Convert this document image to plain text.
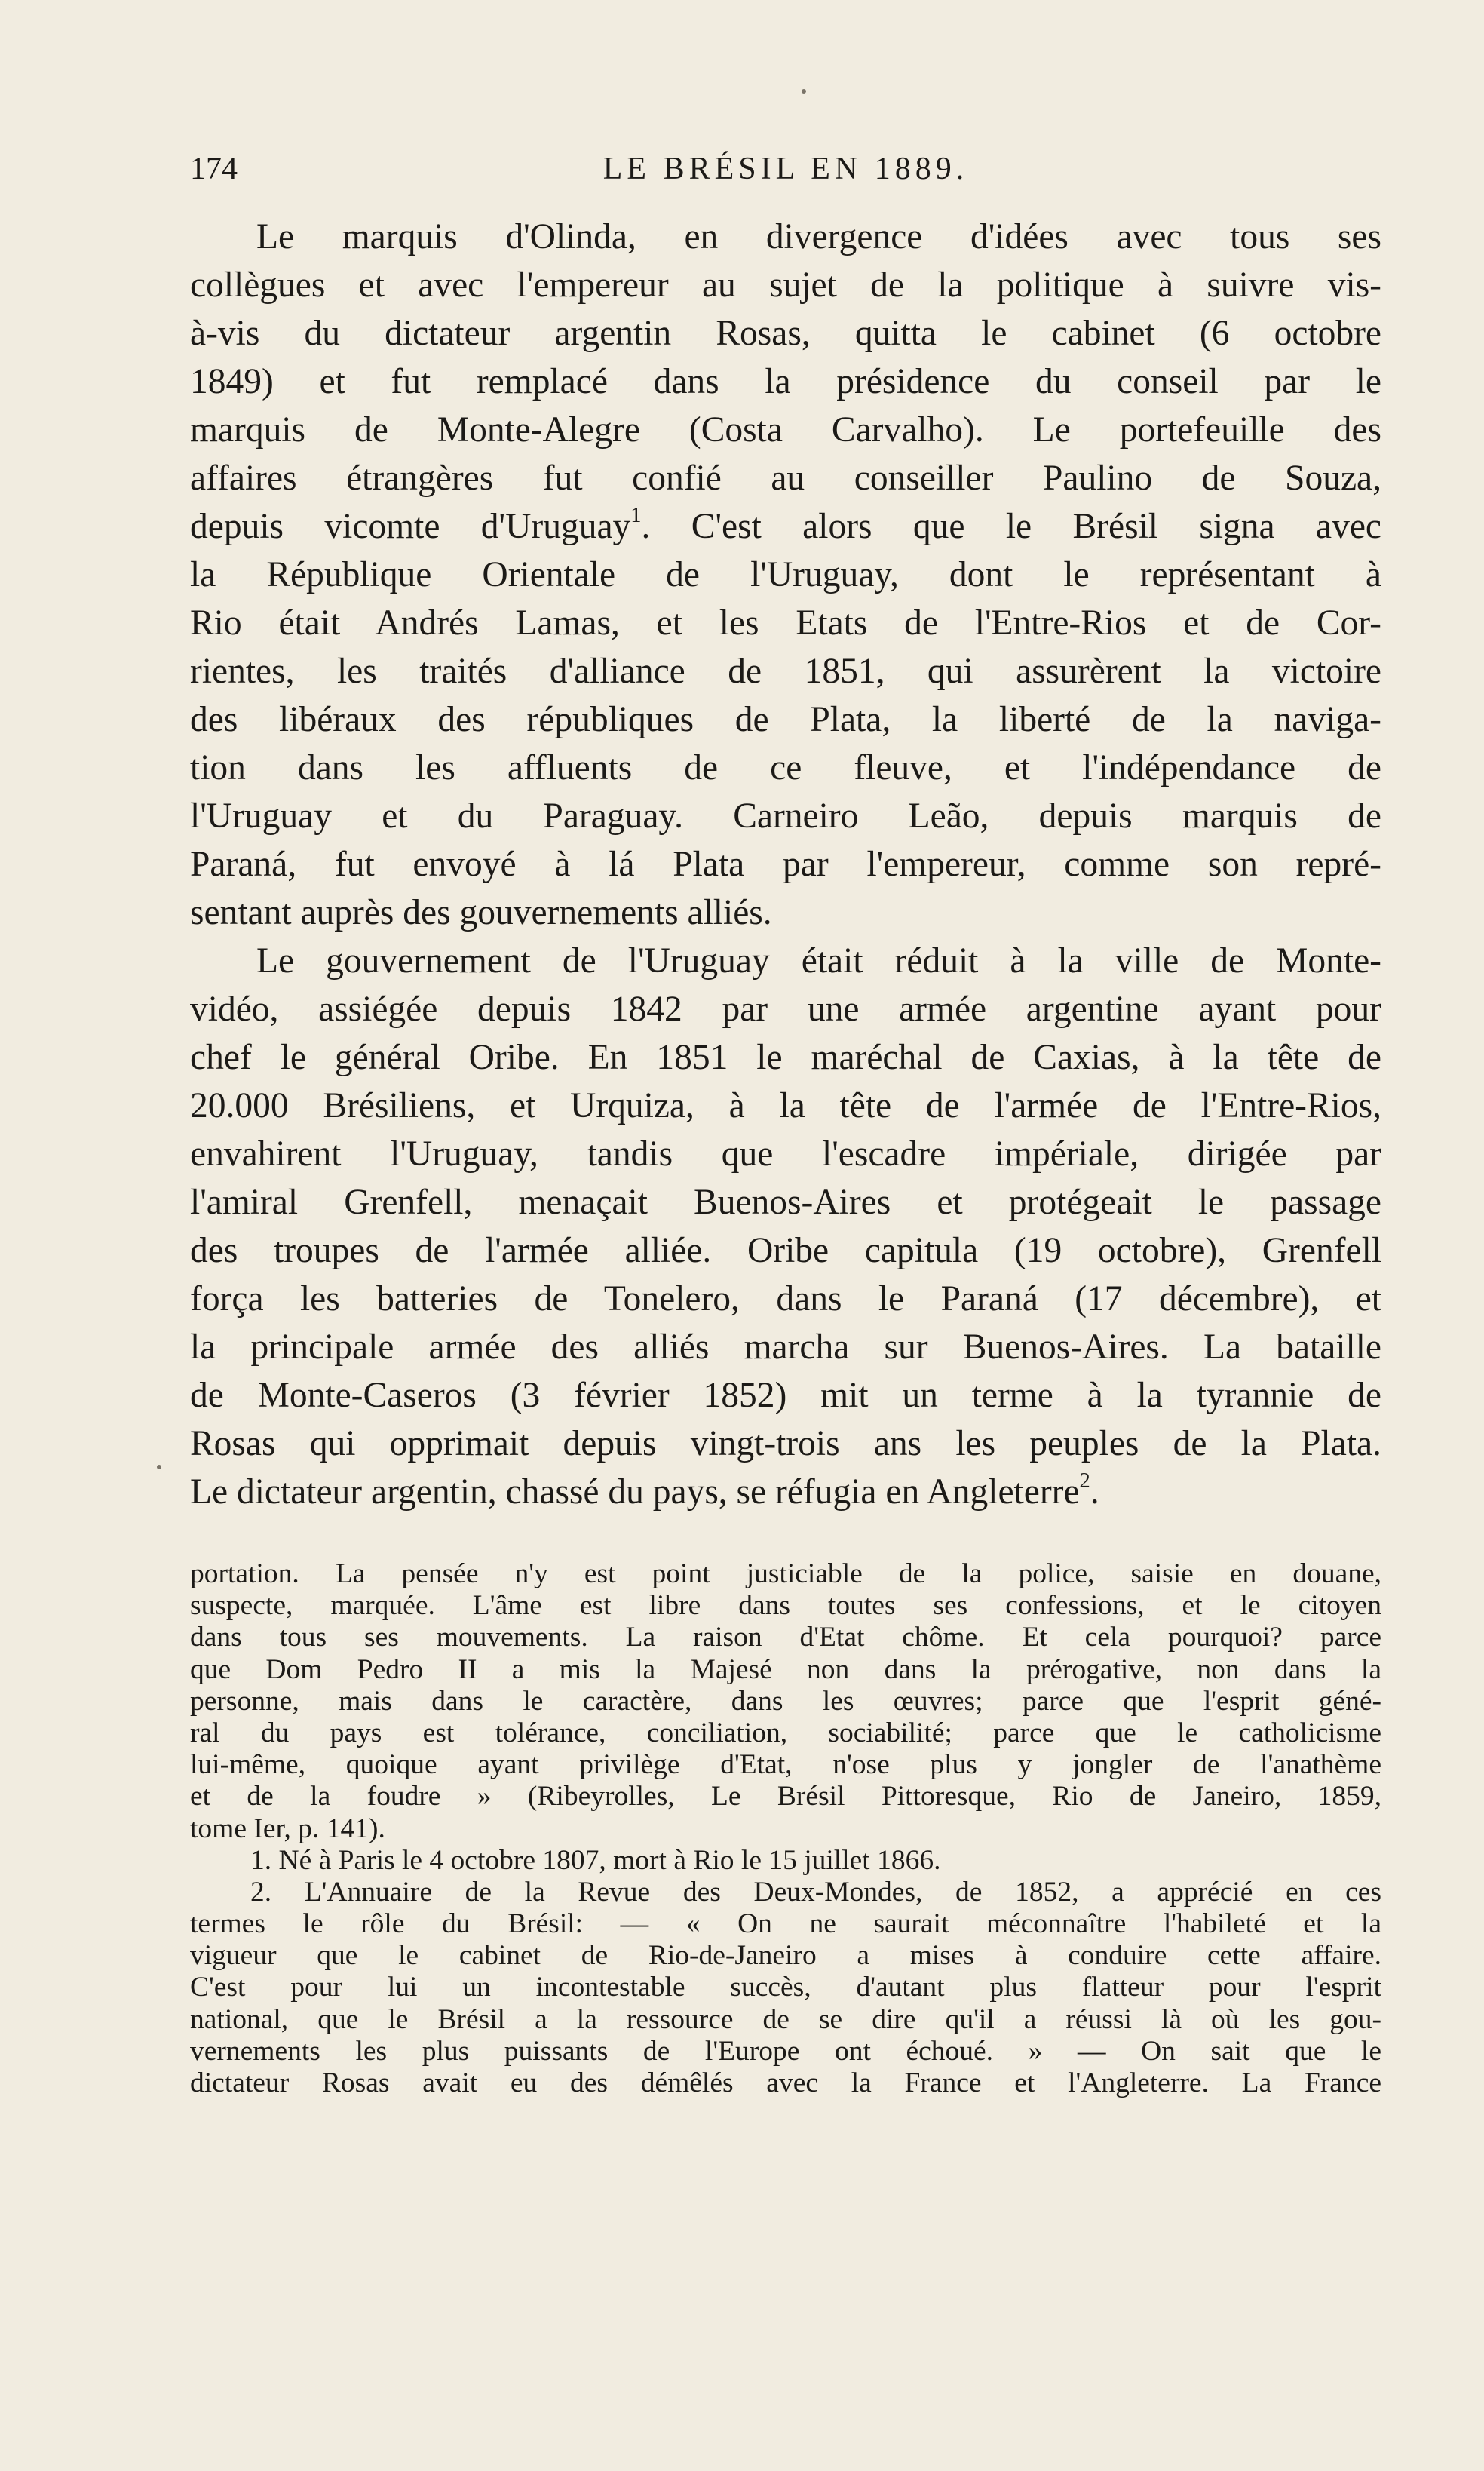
174	LE BRÉSIL EN 1889.
Le marquis d'Olinda, en divergence d'idées avec tous ses
collègues et avec l'empereur au sujet de la politique à suivre vis-
à-vis du dictateur argentin Rosas, quitta le cabinet (6 octobre
1849) et fut remplacé dans la présidence du conseil par le
marquis de Monte-Alegre (Costa Carvalho). Le portefeuille des
affaires étrangères fut confié au conseiller Paulino de Souza,
depuis vicomte d'Uruguay$^1$. C'est alors que le Brésil signa avec
la République Orientale de l'Uruguay, dont le représentant à
Rio était Andrés Lamas, et les Etats de l'Entre-Rios et de Cor-
rientes, les traités d'alliance de 1851, qui assurèrent la victoire
des libéraux des républiques de Plata, la liberté de la naviga-
tion dans les affluents de ce fleuve, et l'indépendance de
l'Uruguay et du Paraguay. Carneiro Leão, depuis marquis de
Paraná, fut envoyé à lá Plata par l'empereur, comme son repré-
sentant auprès des gouvernements alliés.
Le gouvernement de l'Uruguay était réduit à la ville de Monte-
vidéo, assiégée depuis 1842 par une armée argentine ayant pour
chef le général Oribe. En 1851 le maréchal de Caxias, à la tête de
20.000 Brésiliens, et Urquiza, à la tête de l'armée de l'Entre-Rios,
envahirent l'Uruguay, tandis que l'escadre impériale, dirigée par
l'amiral Grenfell, menaçait Buenos-Aires et protégeait le passage
des troupes de l'armée alliée. Oribe capitula (19 octobre), Grenfell
força les batteries de Tonelero, dans le Paraná (17 décembre), et
la principale armée des alliés marcha sur Buenos-Aires. La bataille
de Monte-Caseros (3 février 1852) mit un terme à la tyrannie de
Rosas qui opprimait depuis vingt-trois ans les peuples de la Plata.
Le dictateur argentin, chassé du pays, se réfugia en Angleterre$^2$.
portation. La pensée n'y est point justiciable de la police, saisie en douane,
suspecte, marquée. L'âme est libre dans toutes ses confessions, et le citoyen
dans tous ses mouvements. La raison d'Etat chôme. Et cela pourquoi? parce
que Dom Pedro II a mis la Majesé non dans la prérogative, non dans la
personne, mais dans le caractère, dans les œuvres; parce que l'esprit géné-
ral du pays est tolérance, conciliation, sociabilité; parce que le catholicisme
lui-même, quoique ayant privilège d'Etat, n'ose plus y jongler de l'anathème
et de la foudre » (Ribeyrolles, Le Brésil Pittoresque, Rio de Janeiro, 1859,
tome Ier, p. 141).
1. Né à Paris le 4 octobre 1807, mort à Rio le 15 juillet 1866.
2. L'Annuaire de la Revue des Deux-Mondes, de 1852, a apprécié en ces
termes le rôle du Brésil: — « On ne saurait méconnaître l'habileté et la
vigueur que le cabinet de Rio-de-Janeiro a mises à conduire cette affaire.
C'est pour lui un incontestable succès, d'autant plus flatteur pour l'esprit
national, que le Brésil a la ressource de se dire qu'il a réussi là où les gou-
vernements les plus puissants de l'Europe ont échoué. » — On sait que le
dictateur Rosas avait eu des démêlés avec la France et l'Angleterre. La France
